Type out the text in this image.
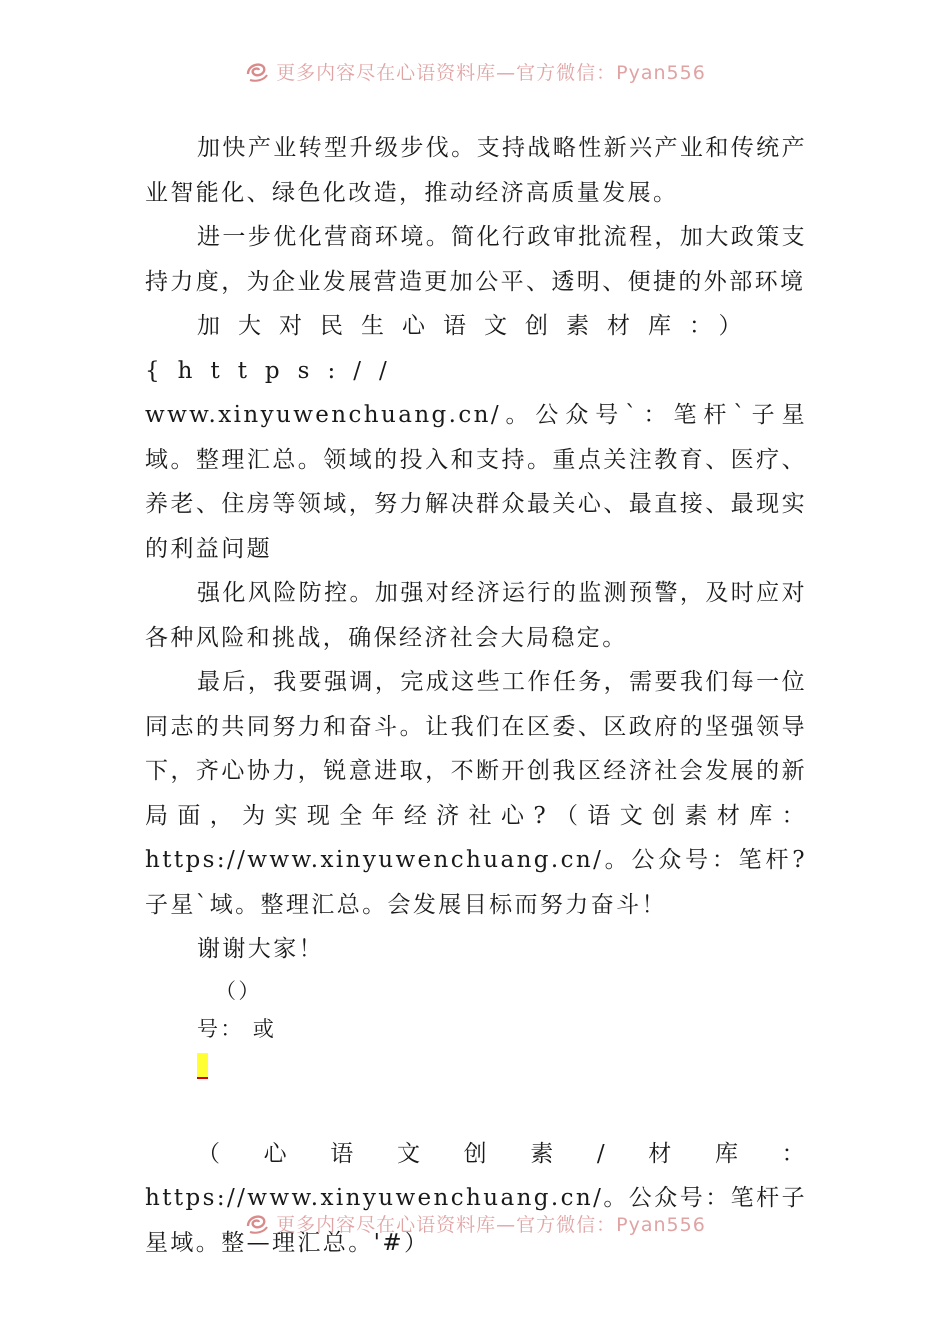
更多内容尽在心语资料库—官方微信：Pyan556

加快产业转型升级步伐。支持战略性新兴产业和传统产业智能化、绿色化改造，推动经济高质量发展。

进一步优化营商环境。简化行政审批流程，加大政策支持力度，为企业发展营造更加公平、透明、便捷的外部环境

加大对民生心语文创素材库：）{https://

www.xinyuwenchuang.cn/。公众号`：笔杆`子星域。整理汇总。领域的投入和支持。重点关注教育、医疗、养老、住房等领域，努力解决群众最关心、最直接、最现实的利益问题

强化风险防控。加强对经济运行的监测预警，及时应对各种风险和挑战，确保经济社会大局稳定。

最后，我要强调，完成这些工作任务，需要我们每一位同志的共同努力和奋斗。让我们在区委、区政府的坚强领导下，齐心协力，锐意进取，不断开创我区经济社会发展的新局面，为实现全年经济社心?（语文创素材库：https://www.xinyuwenchuang.cn/。公众号：笔杆?子星`域。整理汇总。会发展目标而努力奋斗！

谢谢大家！

（）

号： 或

（心语文创素/材库：https://www.xinyuwenchuang.cn/。公众号：笔杆子星域。整—理汇总。'#）

更多内容尽在心语资料库—官方微信：Pyan556
